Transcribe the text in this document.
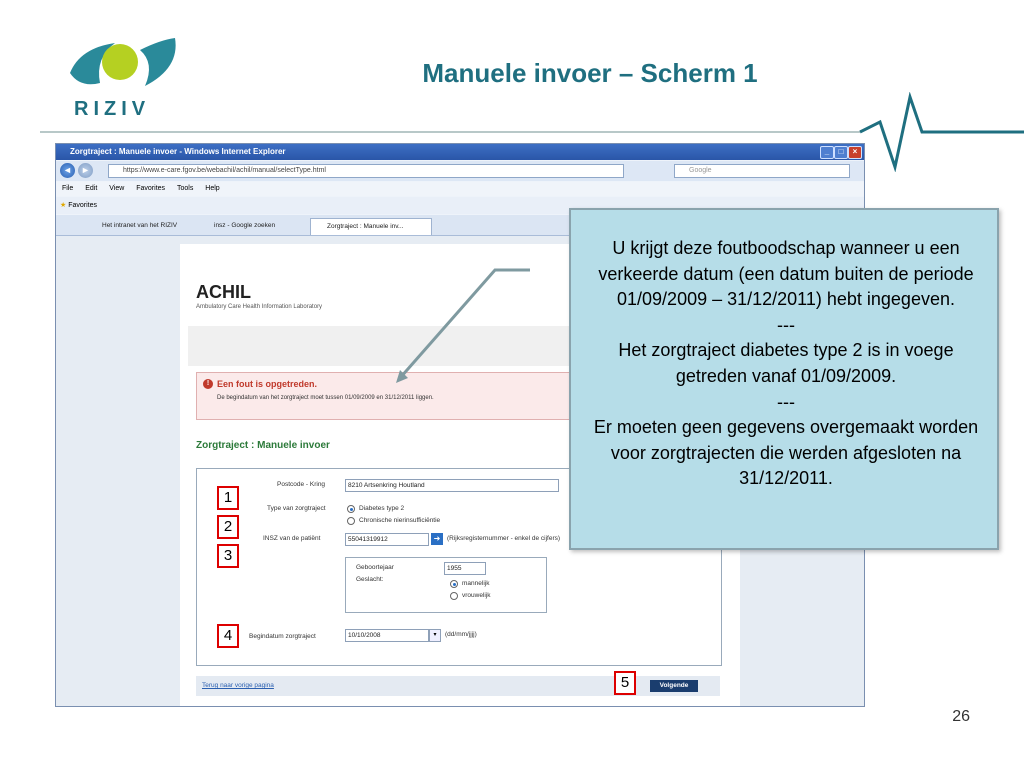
RIZIV
Manuele invoer – Scherm 1
Zorgtraject : Manuele invoer - Windows Internet Explorer	_	□	×
◄	►	https://www.e-care.fgov.be/webachil/achil/manual/selectType.html	Google
File Edit View Favorites Tools Help
★ Favorites
Het intranet van het RIZIV	insz - Google zoeken	Zorgtraject : Manuele inv...
ACHIL
Ambulatory Care Health Information Laboratory
! Een fout is opgetreden.
De begindatum van het zorgtraject moet tussen 01/09/2009 en 31/12/2011 liggen.
Zorgtraject : Manuele invoer
Postcode - Kring	8210 Artsenkring Houtland
Type van zorgtraject	Diabetes type 2
Chronische nierinsufficiëntie
INSZ van de patiënt	55041319912	➜	(Rijksregisternummer - enkel de cijfers)
Geboortejaar	1955
Geslacht:
mannelijk
vrouwelijk
Begindatum zorgtraject	10/10/2008	▾	(dd/mm/jjjj)
Terug naar vorige pagina	Volgende
1
2
3
4
5
U krijgt deze foutboodschap wanneer u een verkeerde datum (een datum buiten de periode 01/09/2009 – 31/12/2011) hebt ingegeven.
---
Het zorgtraject diabetes type 2 is in voege getreden vanaf 01/09/2009.
---
Er moeten geen gegevens overgemaakt worden voor zorgtrajecten die werden afgesloten na 31/12/2011.
26
